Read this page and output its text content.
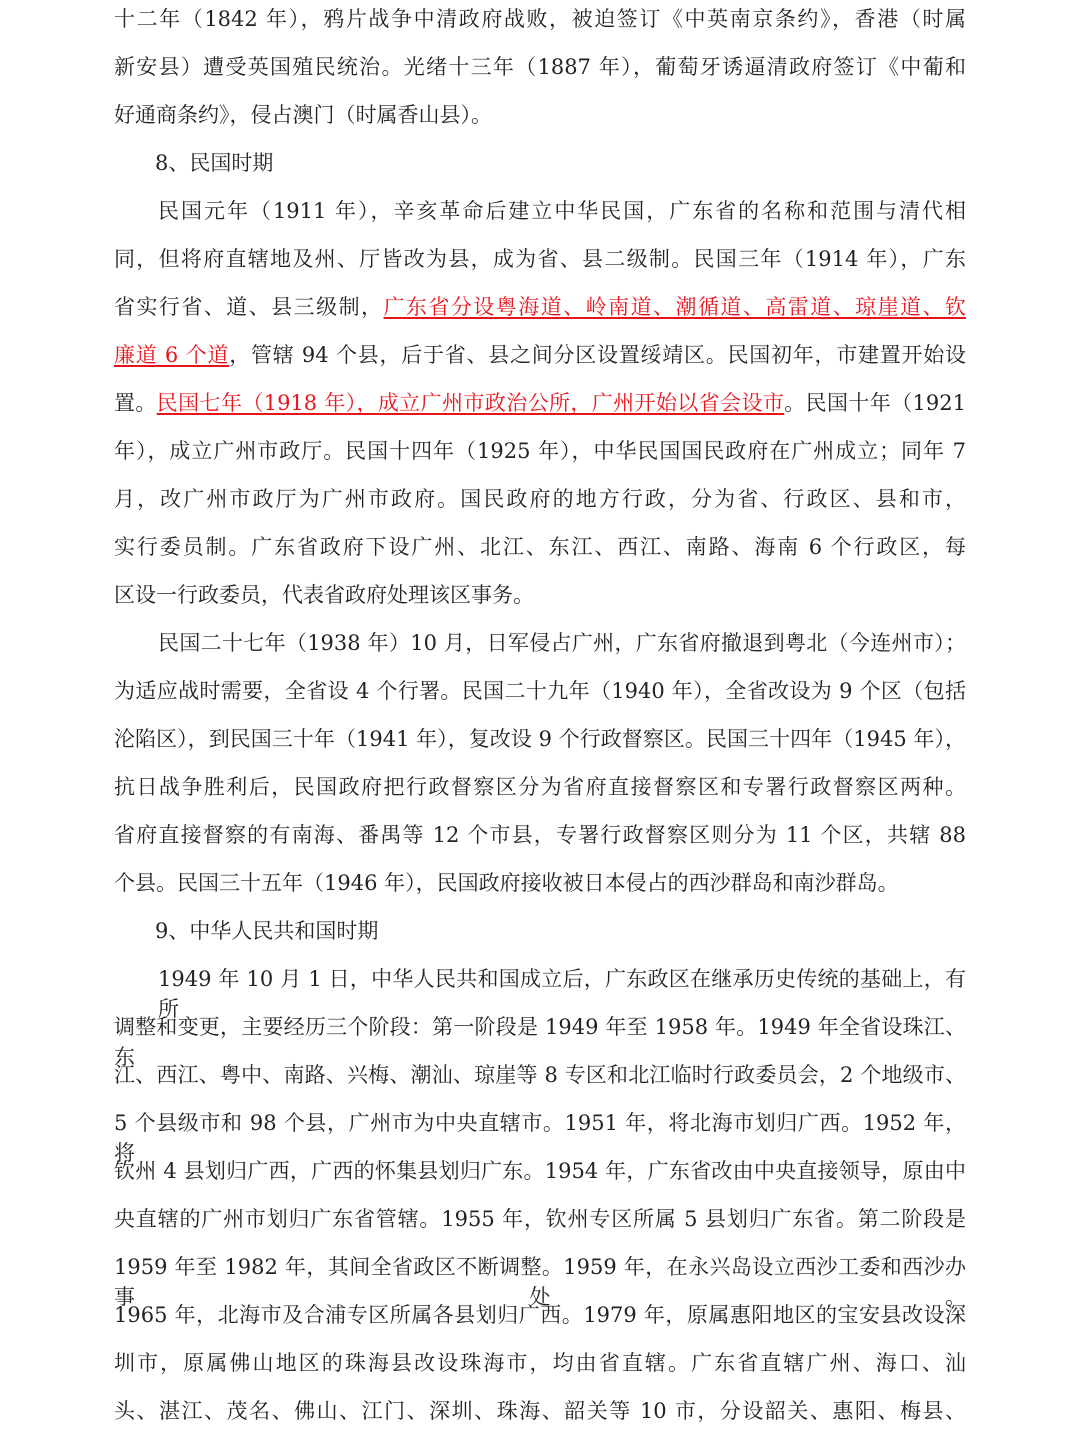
十二年（1842 年），鸦片战争中清政府战败，被迫签订《中英南京条约》，香港（时属
新安县）遭受英国殖民统治。光绪十三年（1887 年），葡萄牙诱逼清政府签订《中葡和
好通商条约》，侵占澳门（时属香山县）。
8、民国时期
民国元年（1911 年），辛亥革命后建立中华民国，广东省的名称和范围与清代相
同，但将府直辖地及州、厅皆改为县，成为省、县二级制。民国三年（1914 年），广东
省实行省、道、县三级制，广东省分设粤海道、岭南道、潮循道、高雷道、琼崖道、钦
廉道 6 个道，管辖 94 个县，后于省、县之间分区设置绥靖区。民国初年，市建置开始设
置。民国七年（1918 年），成立广州市政治公所，广州开始以省会设市。民国十年（1921
年），成立广州市政厅。民国十四年（1925 年），中华民国国民政府在广州成立；同年 7
月，改广州市政厅为广州市政府。国民政府的地方行政，分为省、行政区、县和市，
实行委员制。广东省政府下设广州、北江、东江、西江、南路、海南 6 个行政区，每
区设一行政委员，代表省政府处理该区事务。
民国二十七年（1938 年）10 月，日军侵占广州，广东省府撤退到粤北（今连州市）；
为适应战时需要，全省设 4 个行署。民国二十九年（1940 年），全省改设为 9 个区（包括
沦陷区），到民国三十年（1941 年），复改设 9 个行政督察区。民国三十四年（1945 年），
抗日战争胜利后，民国政府把行政督察区分为省府直接督察区和专署行政督察区两种。
省府直接督察的有南海、番禺等 12 个市县，专署行政督察区则分为 11 个区，共辖 88
个县。民国三十五年（1946 年），民国政府接收被日本侵占的西沙群岛和南沙群岛。
9、中华人民共和国时期
1949 年 10 月 1 日，中华人民共和国成立后，广东政区在继承历史传统的基础上，有所
调整和变更，主要经历三个阶段：第一阶段是 1949 年至 1958 年。1949 年全省设珠江、东
江、西江、粤中、南路、兴梅、潮汕、琼崖等 8 专区和北江临时行政委员会，2 个地级市、
5 个县级市和 98 个县，广州市为中央直辖市。1951 年，将北海市划归广西。1952 年，将
钦州 4 县划归广西，广西的怀集县划归广东。1954 年，广东省改由中央直接领导，原由中
央直辖的广州市划归广东省管辖。1955 年，钦州专区所属 5 县划归广东省。第二阶段是
1959 年至 1982 年，其间全省政区不断调整。1959 年，在永兴岛设立西沙工委和西沙办事处。
1965 年，北海市及合浦专区所属各县划归广西。1979 年，原属惠阳地区的宝安县改设深
圳市，原属佛山地区的珠海县改设珠海市，均由省直辖。广东省直辖广州、海口、汕
头、湛江、茂名、佛山、江门、深圳、珠海、韶关等 10 市，分设韶关、惠阳、梅县、
